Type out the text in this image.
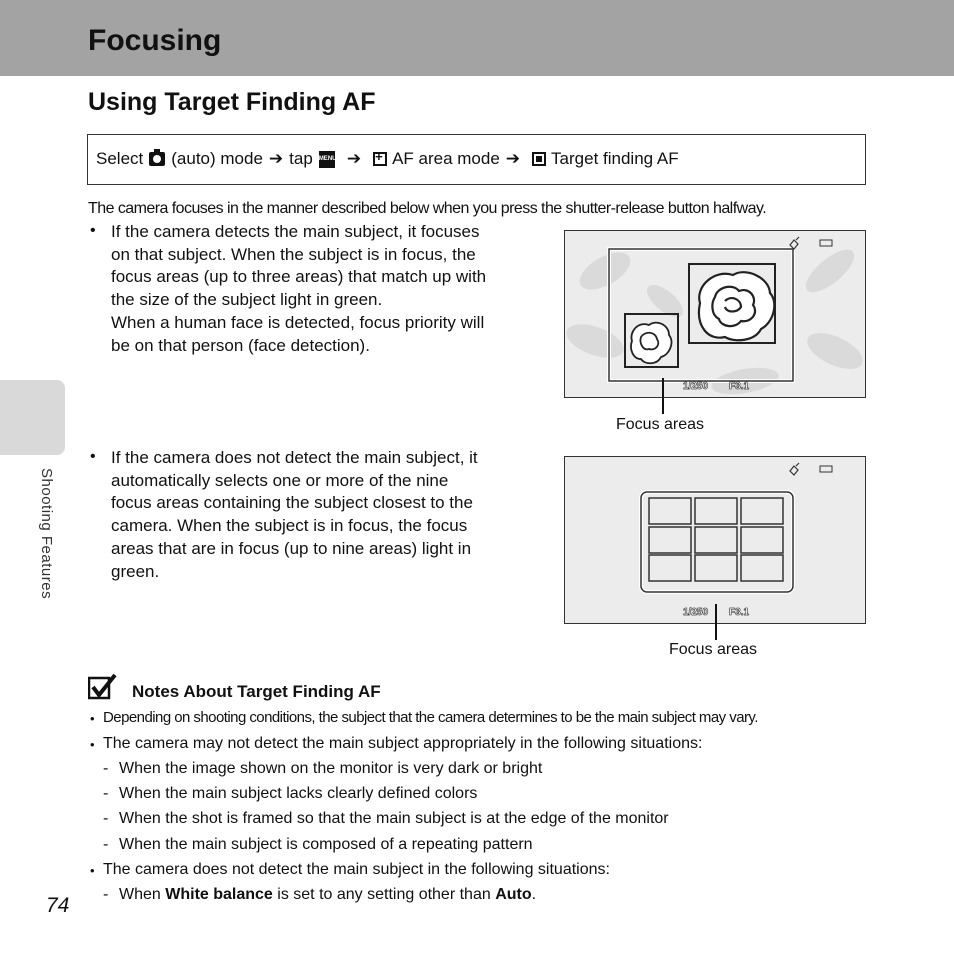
Focusing
Using Target Finding AF
Select (auto) mode ➔ tap MENU ➔
+ AF area mode ➔ Target finding AF
The camera focuses in the manner described below when you press the shutter-release button halfway.
• If the camera detects the main subject, it focuses
on that subject. When the subject is in focus, the
focus areas (up to three areas) that match up with
the size of the subject light in green.
When a human face is detected, focus priority will
be on that person (face detection).
1/250 F3.1
Focus areas
• If the camera does not detect the main subject, it
automatically selects one or more of the nine
focus areas containing the subject closest to the
camera. When the subject is in focus, the focus
areas that are in focus (up to nine areas) light in
green.
1/250 F3.1
Focus areas
Shooting Features
Notes About Target Finding AF
• Depending on shooting conditions, the subject that the camera determines to be the main subject may vary.
• The camera may not detect the main subject appropriately in the following situations:
- When the image shown on the monitor is very dark or bright
- When the main subject lacks clearly defined colors
- When the shot is framed so that the main subject is at the edge of the monitor
- When the main subject is composed of a repeating pattern
• The camera does not detect the main subject in the following situations:
- When White balance is set to any setting other than Auto.
74
